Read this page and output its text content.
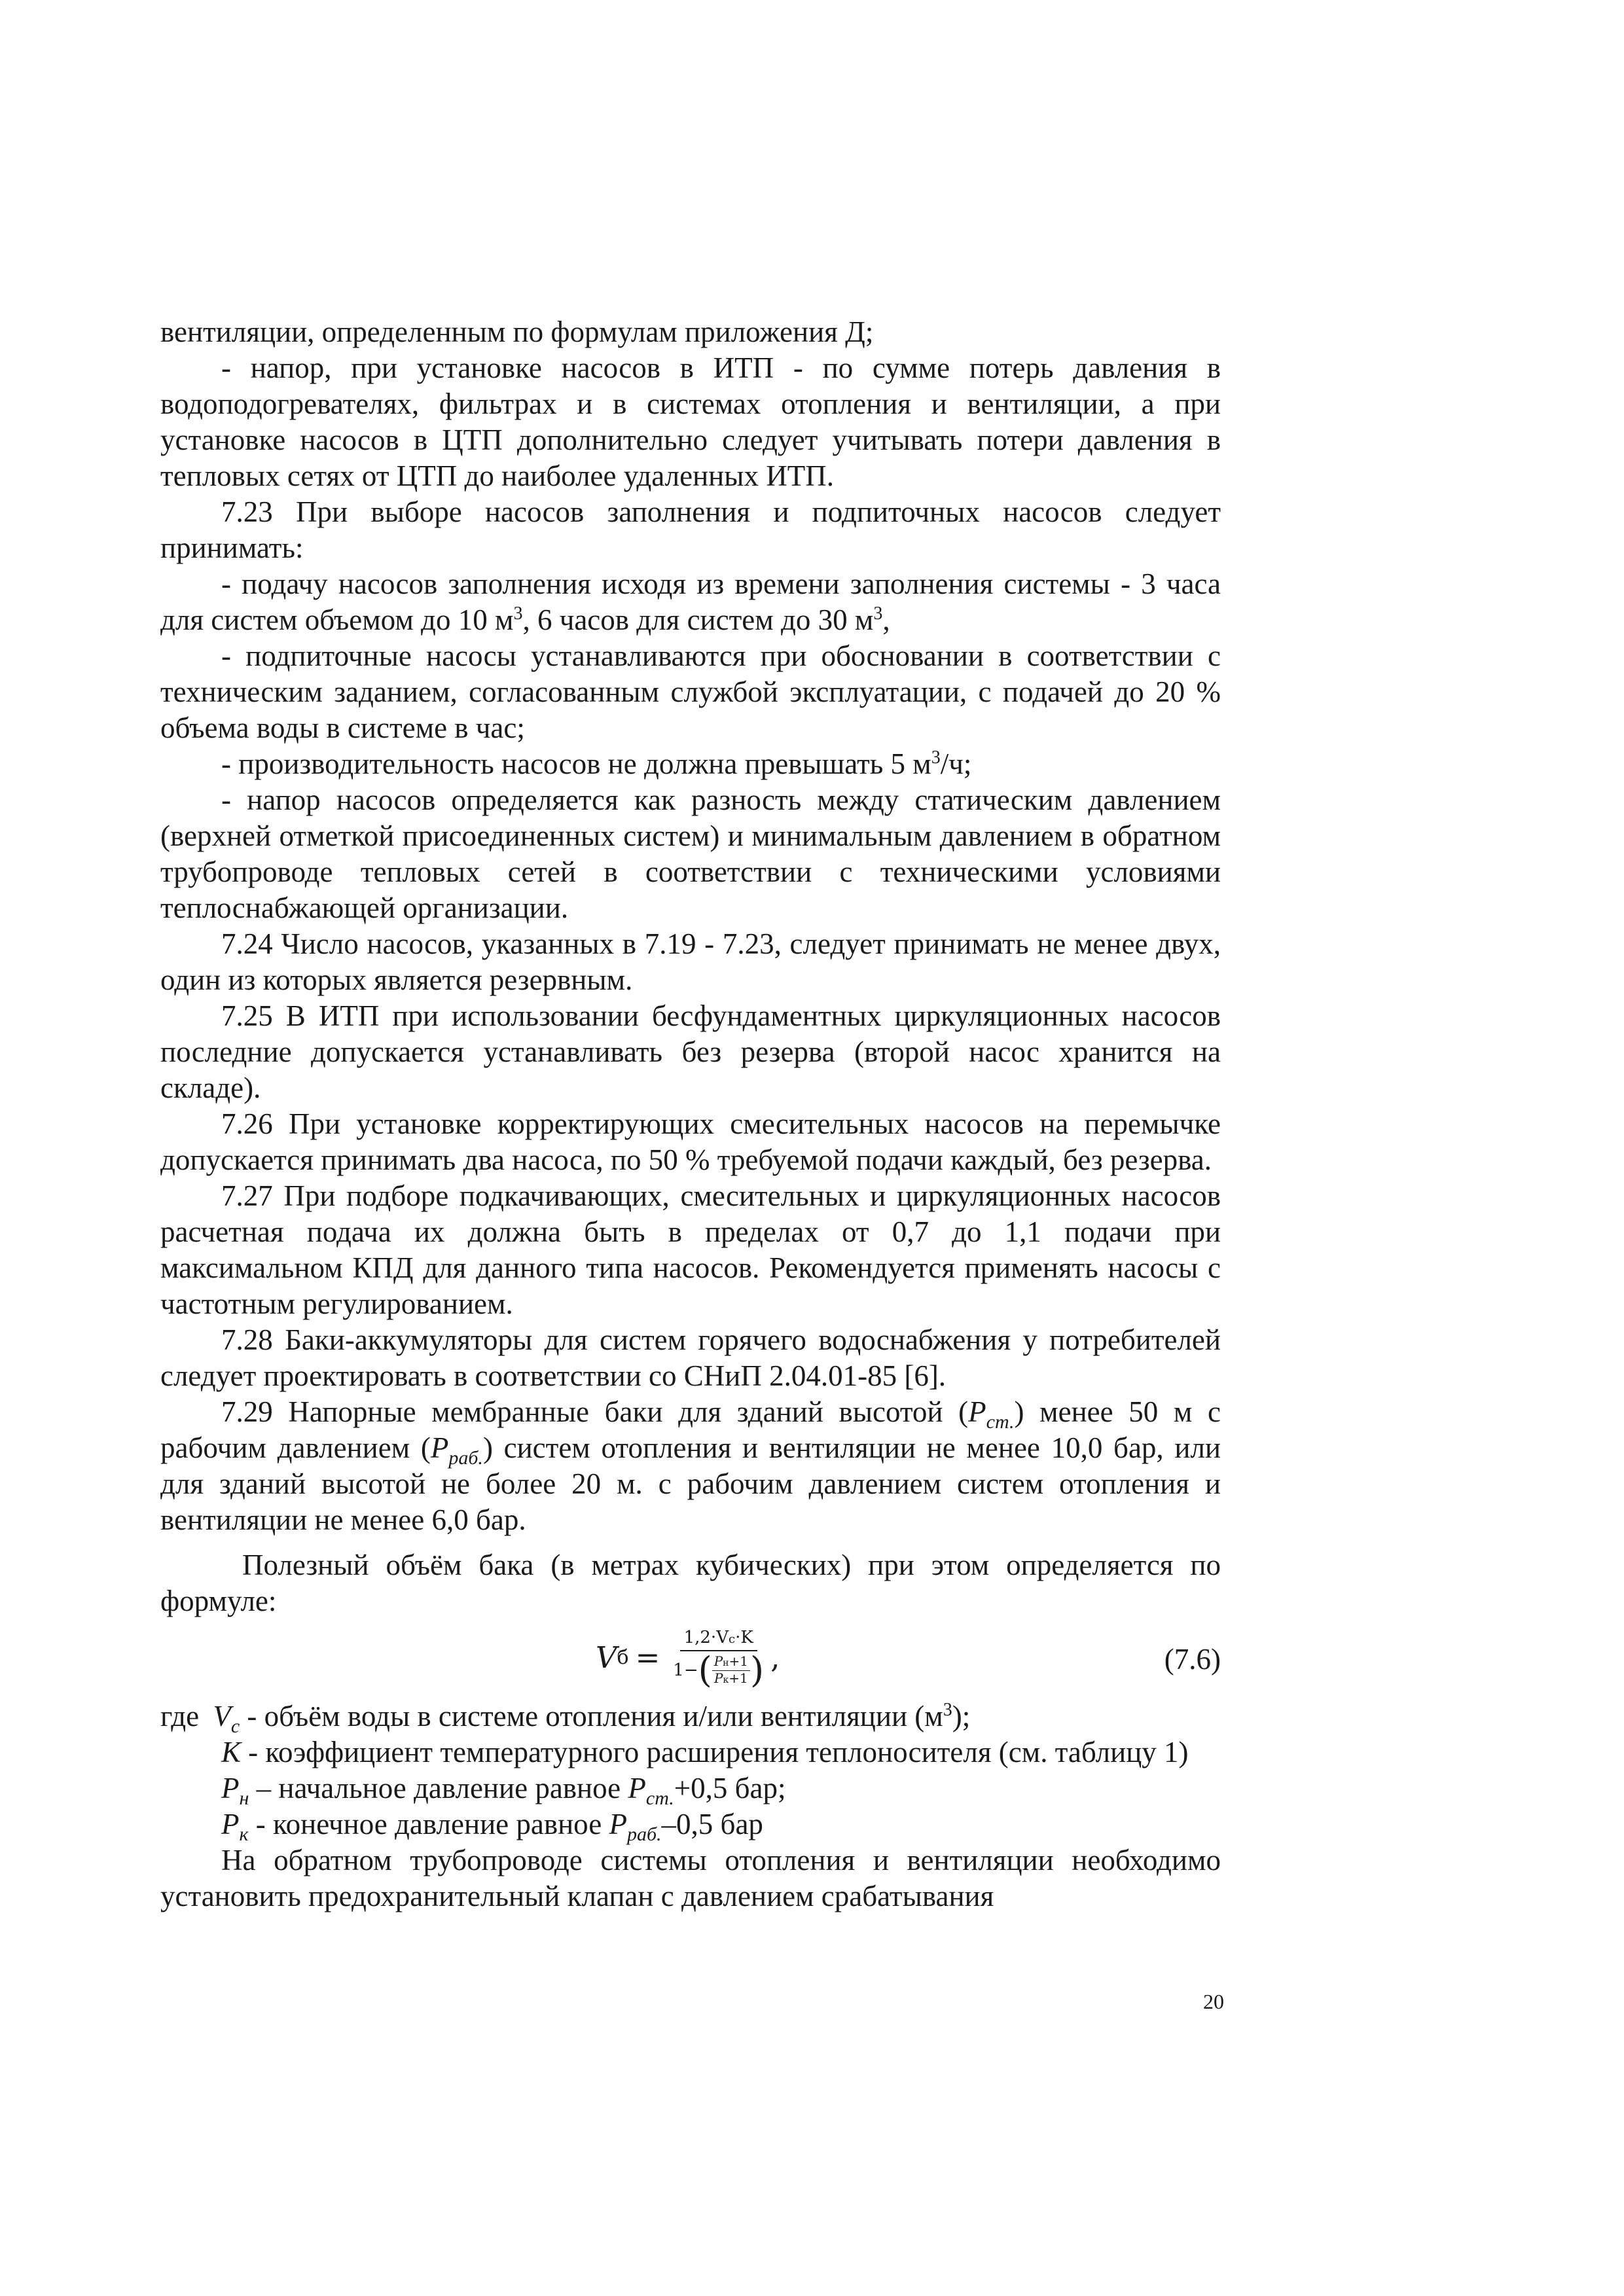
вентиляции, определенным по формулам приложения Д;

- напор, при установке насосов в ИТП - по сумме потерь давления в водоподогревателях, фильтрах и в системах отопления и вентиляции, а при установке насосов в ЦТП дополнительно следует учитывать потери давления в тепловых сетях от ЦТП до наиболее удаленных ИТП.

7.23 При выборе насосов заполнения и подпиточных насосов следует принимать:

- подачу насосов заполнения исходя из времени заполнения системы - 3 часа для систем объемом до 10 $м^3$, 6 часов для систем до 30 $м^3$,

- подпиточные насосы устанавливаются при обосновании в соответствии с техническим заданием, согласованным службой эксплуатации, с подачей до 20 % объема воды в системе в час;

- производительность насосов не должна превышать 5 $м^3/ч$;

- напор насосов определяется как разность между статическим давлением (верхней отметкой присоединенных систем) и минимальным давлением в обратном трубопроводе тепловых сетей в соответствии с техническими условиями теплоснабжающей организации.

7.24 Число насосов, указанных в 7.19 - 7.23, следует принимать не менее двух, один из которых является резервным.

7.25 В ИТП при использовании бесфундаментных циркуляционных насосов последние допускается устанавливать без резерва (второй насос хранится на складе).

7.26 При установке корректирующих смесительных насосов на перемычке допускается принимать два насоса, по 50 % требуемой подачи каждый, без резерва.

7.27 При подборе подкачивающих, смесительных и циркуляционных насосов расчетная подача их должна быть в пределах от 0,7 до 1,1 подачи при максимальном КПД для данного типа насосов. Рекомендуется применять насосы с частотным регулированием.

7.28 Баки-аккумуляторы для систем горячего водоснабжения у потребителей следует проектировать в соответствии со СНиП 2.04.01-85 [6].

7.29 Напорные мембранные баки для зданий высотой $(P_{ст.})$ менее 50 м с рабочим давлением $(P_{раб.})$ систем отопления и вентиляции не менее 10,0 бар, или для зданий высотой не более 20 м. с рабочим давлением систем отопления и вентиляции не менее 6,0 бар.

Полезный объём бака (в метрах кубических) при этом определяется по формуле:

V б =
1,2·Vс·K
1− ( $\frac{Pн+1}{Pк+1}$ ) ,	(7.6)

где $V_с$ - объём воды в системе отопления и/или вентиляции $(м^3)$;

К - коэффициент температурного расширения теплоносителя (см. таблицу 1)

$P_н$ – начальное давление равное $P_{ст.}+0,5$ бар;

$P_к$ - конечное давление равное $P_{раб.}-0,5$ бар

На обратном трубопроводе системы отопления и вентиляции необходимо установить предохранительный клапан с давлением срабатывания

20
